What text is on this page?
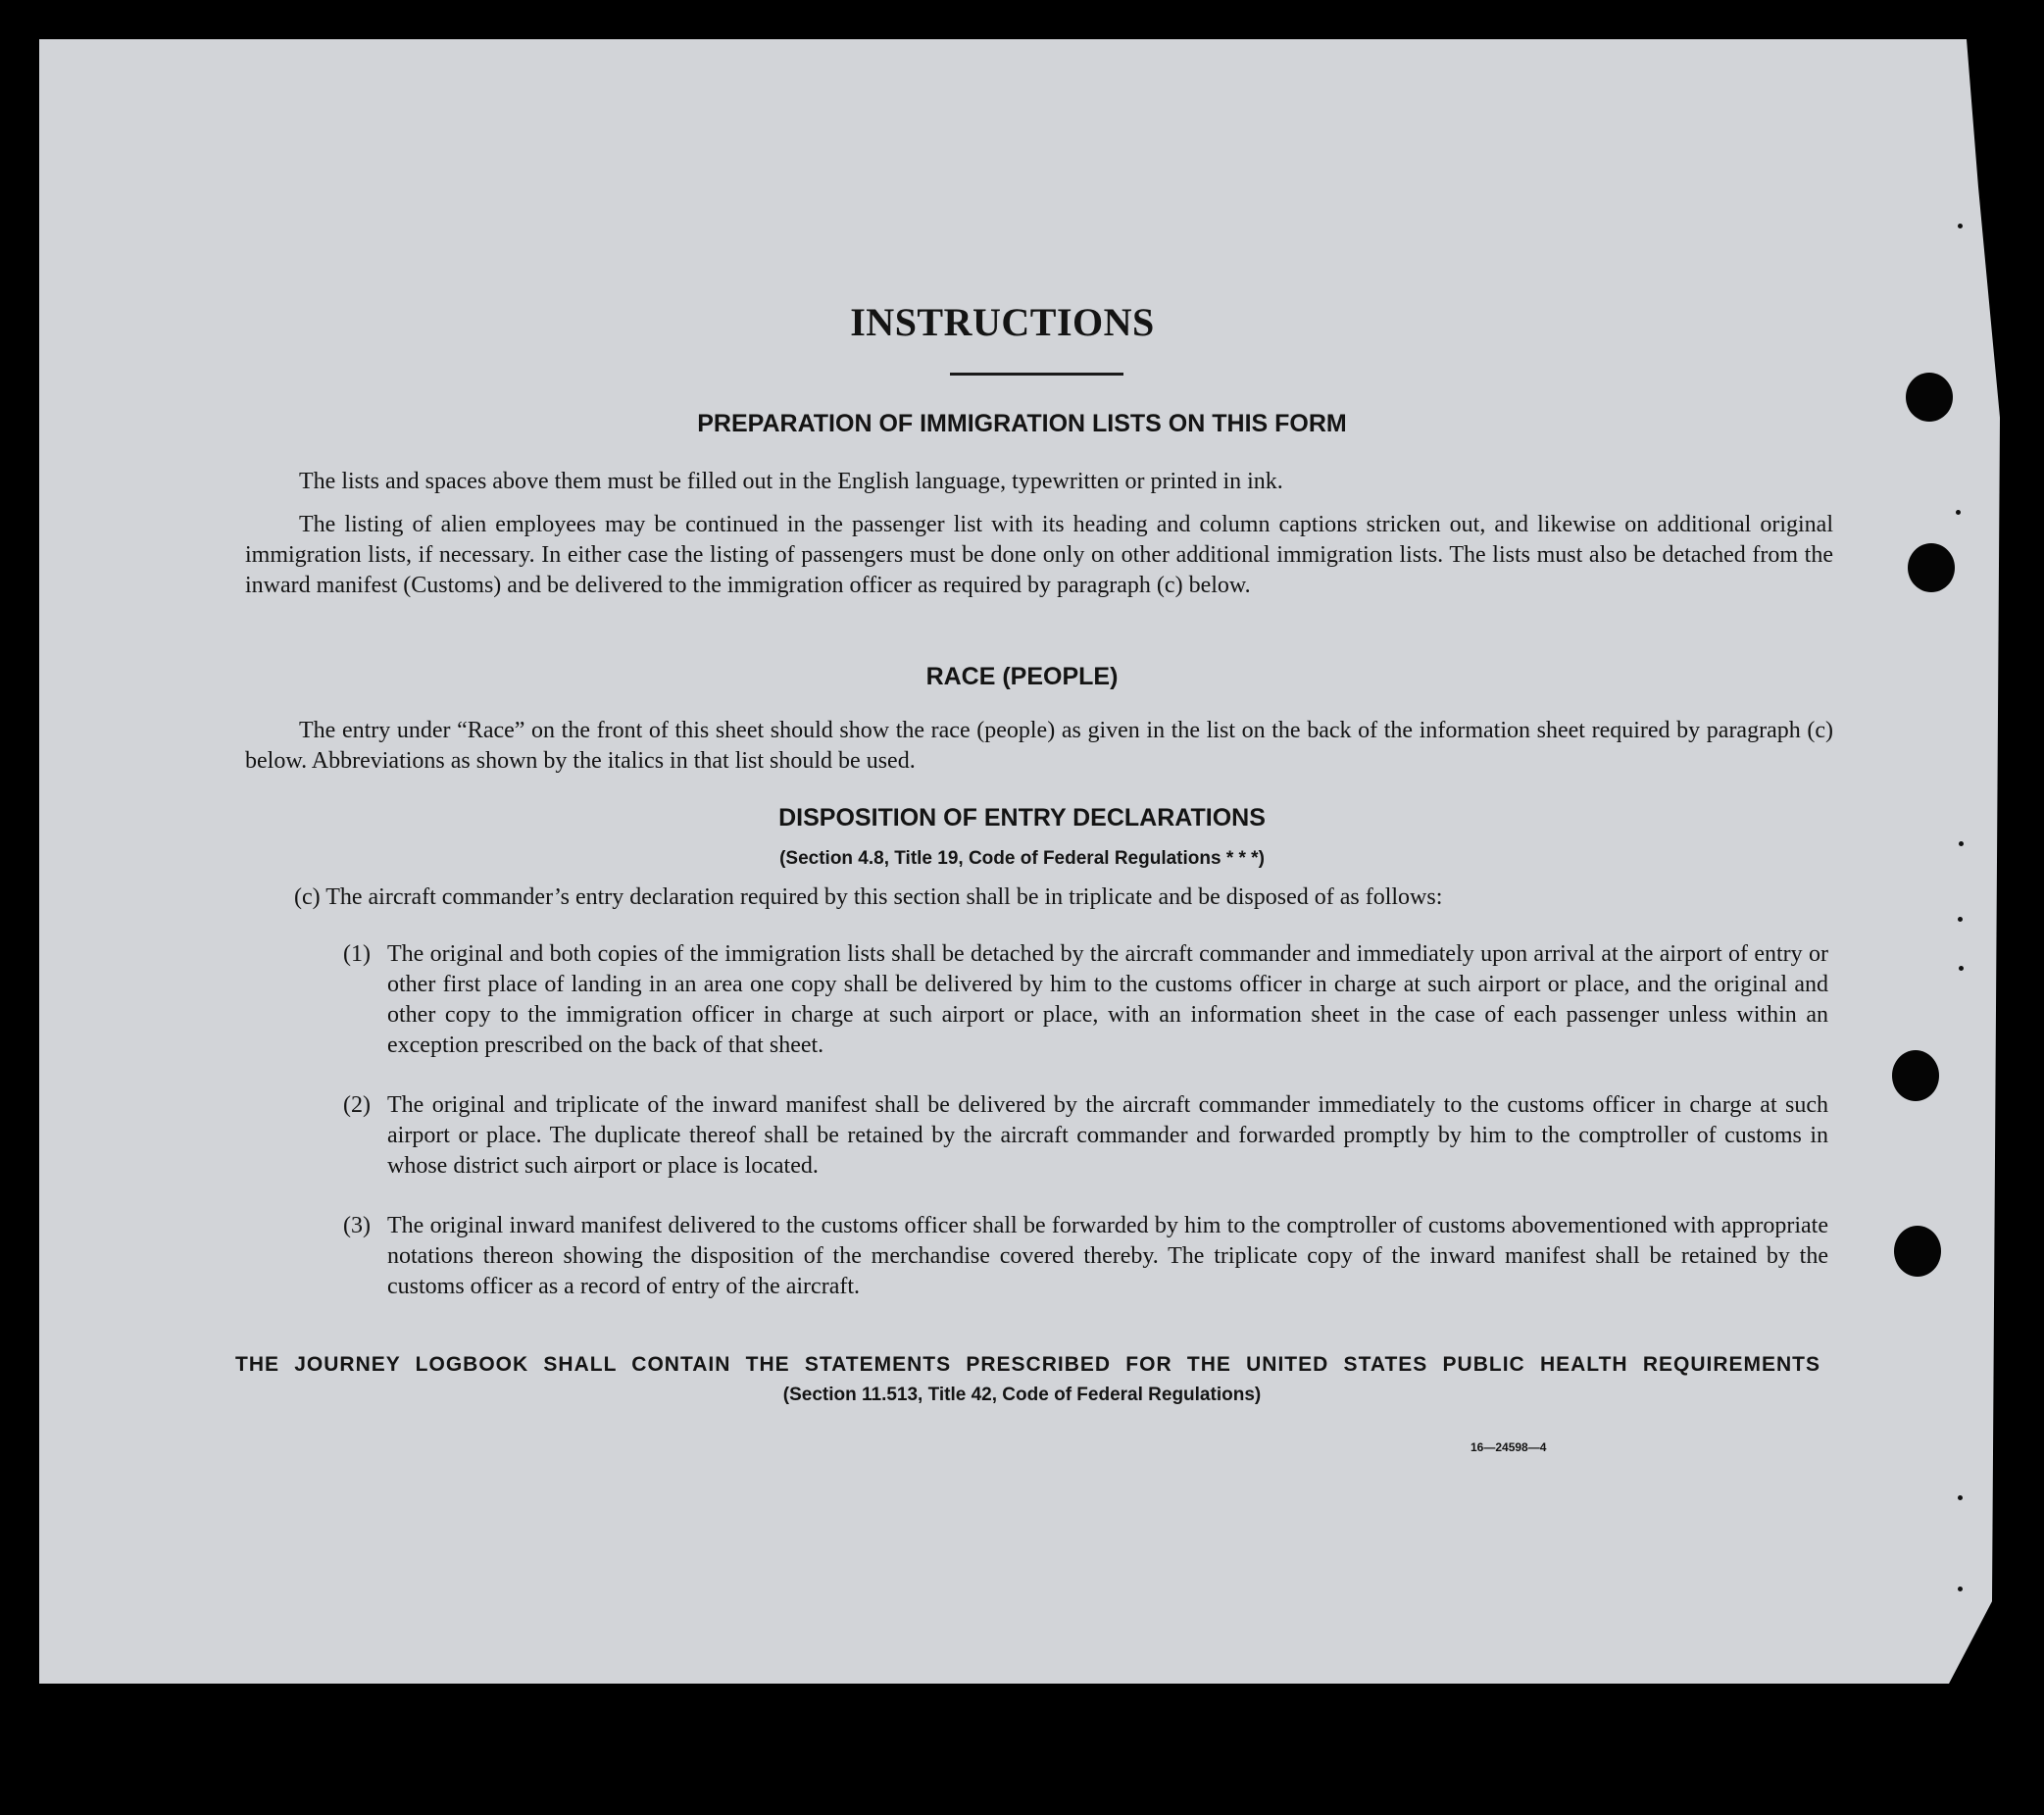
INSTRUCTIONS
PREPARATION OF IMMIGRATION LISTS ON THIS FORM
The lists and spaces above them must be filled out in the English language, typewritten or printed in ink.
The listing of alien employees may be continued in the passenger list with its heading and column captions stricken out, and likewise on additional original immigration lists, if necessary. In either case the listing of passengers must be done only on other additional immigration lists. The lists must also be detached from the inward manifest (Customs) and be delivered to the immigration officer as required by paragraph (c) below.
RACE (PEOPLE)
The entry under “Race” on the front of this sheet should show the race (people) as given in the list on the back of the information sheet required by paragraph (c) below. Abbreviations as shown by the italics in that list should be used.
DISPOSITION OF ENTRY DECLARATIONS
(Section 4.8, Title 19, Code of Federal Regulations * * *)
(c) The aircraft commander’s entry declaration required by this section shall be in triplicate and be disposed of as follows:
(1) The original and both copies of the immigration lists shall be detached by the aircraft commander and immediately upon arrival at the airport of entry or other first place of landing in an area one copy shall be delivered by him to the customs officer in charge at such airport or place, and the original and other copy to the immigration officer in charge at such airport or place, with an information sheet in the case of each passenger unless within an exception prescribed on the back of that sheet.
(2) The original and triplicate of the inward manifest shall be delivered by the aircraft commander immediately to the customs officer in charge at such airport or place. The duplicate thereof shall be retained by the aircraft commander and forwarded promptly by him to the comptroller of customs in whose district such airport or place is located.
(3) The original inward manifest delivered to the customs officer shall be forwarded by him to the comptroller of customs abovementioned with appropriate notations thereon showing the disposition of the merchandise covered thereby. The triplicate copy of the inward manifest shall be retained by the customs officer as a record of entry of the aircraft.
THE JOURNEY LOGBOOK SHALL CONTAIN THE STATEMENTS PRESCRIBED FOR THE UNITED STATES PUBLIC HEALTH REQUIREMENTS
(Section 11.513, Title 42, Code of Federal Regulations)
16—24598—4
